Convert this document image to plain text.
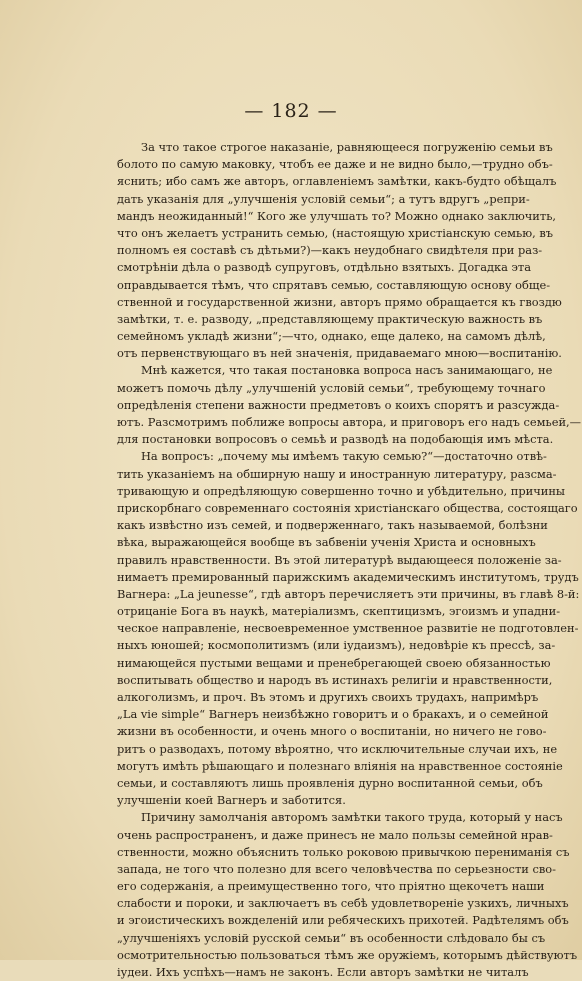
— 182 —
За что такое строгое наказаніе, равняющееся погруженію семьи въ
болото по самую маковку, чтобъ ее даже и не видно было,—трудно объ-
яснить; ибо самъ же авторъ, оглавленіемъ замѣтки, какъ-будто обѣщалъ
дать указанія для „улучшенія условій семьи“; а тутъ вдругъ „репри-
мандъ неожиданный!“ Кого же улучшать то? Можно однако заключить,
что онъ желаетъ устранить семью, (настоящую христіанскую семью, въ
полномъ ея составѣ съ дѣтьми?)—какъ неудобнаго свидѣтеля при раз-
смотрѣніи дѣла о разводѣ супруговъ, отдѣльно взятыхъ. Догадка эта
оправдывается тѣмъ, что спрятавъ семью, составляющую основу обще-
ственной и государственной жизни, авторъ прямо обращается къ гвоздю
замѣтки, т. е. разводу, „представляющему практическую важность въ
семейномъ укладѣ жизни“;—что, однако, еще далеко, на самомъ дѣлѣ,
отъ первенствующаго въ ней значенія, придаваемаго мною—воспитанію.
Мнѣ кажется, что такая постановка вопроса насъ занимающаго, не
можетъ помочь дѣлу „улучшеній условій семьи“, требующему точнаго
опредѣленія степени важности предметовъ о коихъ спорятъ и разсужда-
ютъ. Разсмотримъ поближе вопросы автора, и приговоръ его надъ семьей,—
для постановки вопросовъ о семьѣ и разводѣ на подобающія имъ мѣста.
На вопросъ: „почему мы имѣемъ такую семью?“—достаточно отвѣ-
тить указаніемъ на обширную нашу и иностранную литературу, разсма-
тривающую и опредѣляющую совершенно точно и убѣдительно, причины
прискорбнаго современнаго состоянія христіанскаго общества, состоящаго
какъ извѣстно изъ семей, и подверженнаго, такъ называемой, болѣзни
вѣка, выражающейся вообще въ забвеніи ученія Христа и основныхъ
правилъ нравственности. Въ этой литературѣ выдающееся положеніе за-
нимаетъ премированный парижскимъ академическимъ институтомъ, трудъ
Вагнера: „La jeunesse“, гдѣ авторъ перечисляетъ эти причины, въ главѣ 8-й:
отрицаніе Бога въ наукѣ, матеріализмъ, скептицизмъ, эгоизмъ и упадни-
ческое направленіе, несвоевременное умственное развитіе не подготовлен-
ныхъ юношей; космополитизмъ (или іудаизмъ), недовѣріе къ прессѣ, за-
нимающейся пустыми вещами и пренебрегающей своею обязанностью
воспитывать общество и народъ въ истинахъ религіи и нравственности,
алкоголизмъ, и проч. Въ этомъ и другихъ своихъ трудахъ, напримѣръ
„La vie simple“ Вагнеръ неизбѣжно говоритъ и о бракахъ, и о семейной
жизни въ особенности, и очень много о воспитаніи, но ничего не гово-
ритъ о разводахъ, потому вѣроятно, что исключительные случаи ихъ, не
могутъ имѣть рѣшающаго и полезнаго вліянія на нравственное состояніе
семьи, и составляютъ лишь проявленія дурно воспитанной семьи, объ
улучшеніи коей Вагнеръ и заботится.
Причину замолчанія авторомъ замѣтки такого труда, который у насъ
очень распространенъ, и даже принесъ не мало пользы семейной нрав-
ственности, можно объяснить только роковою привычкою перениманія съ
запада, не того что полезно для всего человѣчества по серьезности сво-
его содержанія, а преимущественно того, что пріятно щекочетъ наши
слабости и пороки, и заключаетъ въ себѣ удовлетвореніе узкихъ, личныхъ
и эгоистическихъ вожделеній или ребяческихъ прихотей. Радѣтелямъ объ
„улучшеніяхъ условій русской семьи“ въ особенности слѣдовало бы съ
осмотрительностью пользоваться тѣмъ же оружіемъ, которымъ дѣйствуютъ
іудеи. Ихъ успѣхъ—намъ не законъ. Если авторъ замѣтки не читалъ
